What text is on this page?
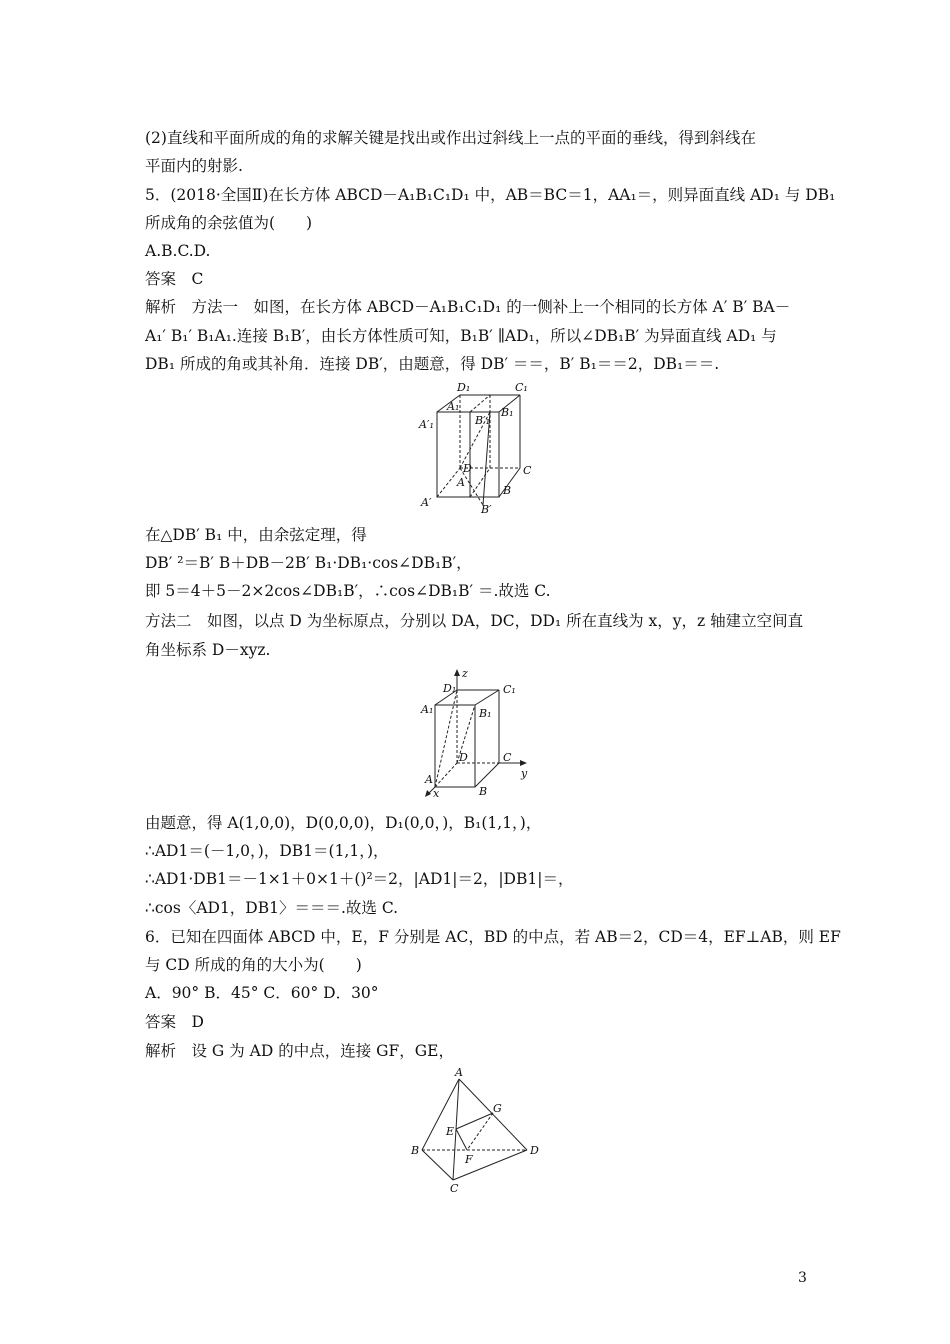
(2)直线和平面所成的角的求解关键是找出或作出过斜线上一点的平面的垂线，得到斜线在
平面内的射影.
5．(2018·全国Ⅱ)在长方体 ABCD－A₁B₁C₁D₁ 中，AB＝BC＝1，AA₁＝，则异面直线 AD₁ 与 DB₁
所成角的余弦值为(　　)
A.B.C.D.
答案　C
解析　方法一　如图，在长方体 ABCD－A₁B₁C₁D₁ 的一侧补上一个相同的长方体 A′ B′ BA－
A₁′ B₁′ B₁A₁.连接 B₁B′，由长方体性质可知，B₁B′ ∥AD₁，所以∠DB₁B′ 为异面直线 AD₁ 与
DB₁ 所成的角或其补角．连接 DB′，由题意，得 DB′ ＝＝，B′ B₁＝＝2，DB₁＝＝.
D₁	C₁
A₁
B′₁
B₁
A′₁
D	C
A
B
A′
B′
在△DB′ B₁ 中，由余弦定理，得
DB′ ²＝B′ B＋DB－2B′ B₁·DB₁·cos∠DB₁B′，
即 5＝4＋5－2×2cos∠DB₁B′，∴cos∠DB₁B′ ＝.故选 C.
方法二　如图，以点 D 为坐标原点，分别以 DA，DC，DD₁ 所在直线为 x，y，z 轴建立空间直
角坐标系 D－xyz.
z
D₁	C₁
A₁	B₁
D	C
y
A
x	B
由题意，得 A(1,0,0)，D(0,0,0)，D₁(0,0，)，B₁(1,1，)，
∴AD1＝(－1,0，)，DB1＝(1,1，)，
∴AD1·DB1＝－1×1＋0×1＋()²＝2，|AD1|＝2，|DB1|＝，
∴cos〈AD1，DB1〉＝＝＝.故选 C.
6．已知在四面体 ABCD 中，E，F 分别是 AC，BD 的中点，若 AB＝2，CD＝4，EF⊥AB，则 EF
与 CD 所成的角的大小为(　　)
A．90° B．45° C．60° D．30°
答案　D
解析　设 G 为 AD 的中点，连接 GF，GE，
A
G
E
B
F
D
C
3
